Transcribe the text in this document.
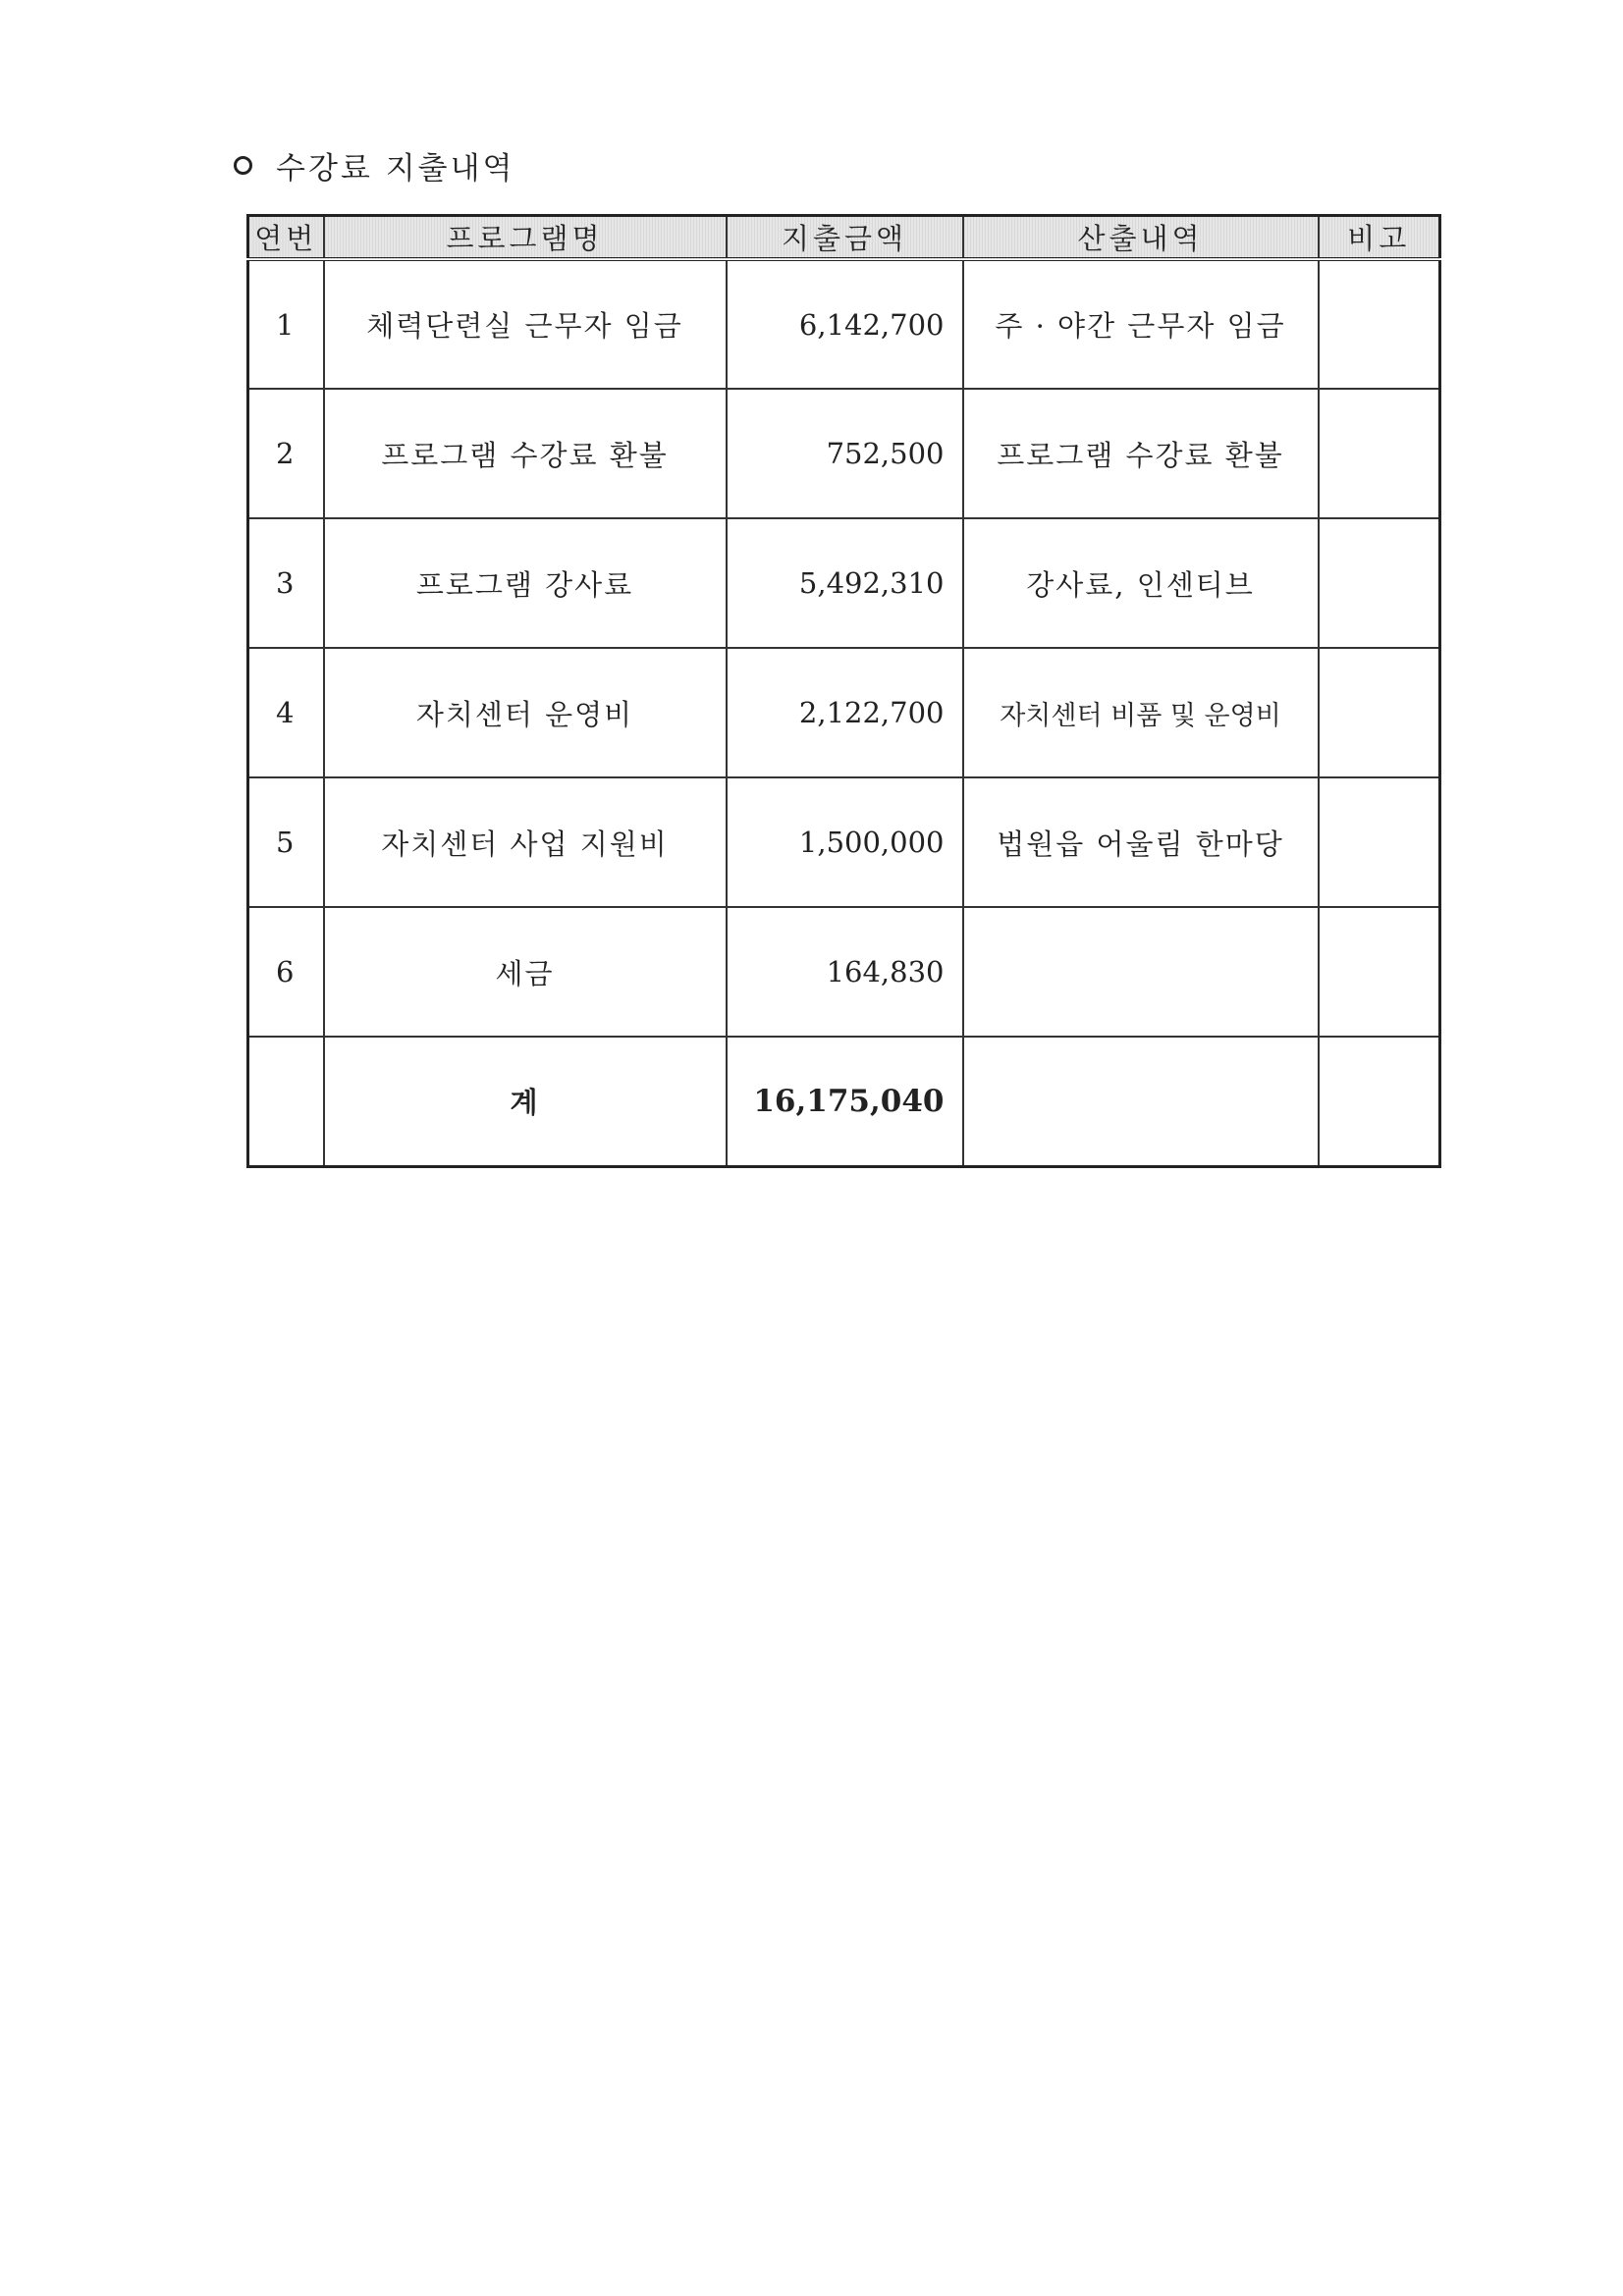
수강료 지출내역
연번	프로그램명	지출금액	산출내역	비고
1	체력단련실 근무자 임금	6,142,700	주 · 야간 근무자 임금	
2	프로그램 수강료 환불	752,500	프로그램 수강료 환불	
3	프로그램 강사료	5,492,310	강사료, 인센티브	
4	자치센터 운영비	2,122,700	자치센터 비품 및 운영비	
5	자치센터 사업 지원비	1,500,000	법원읍 어울림 한마당	
6	세금	164,830		
	계	16,175,040		
